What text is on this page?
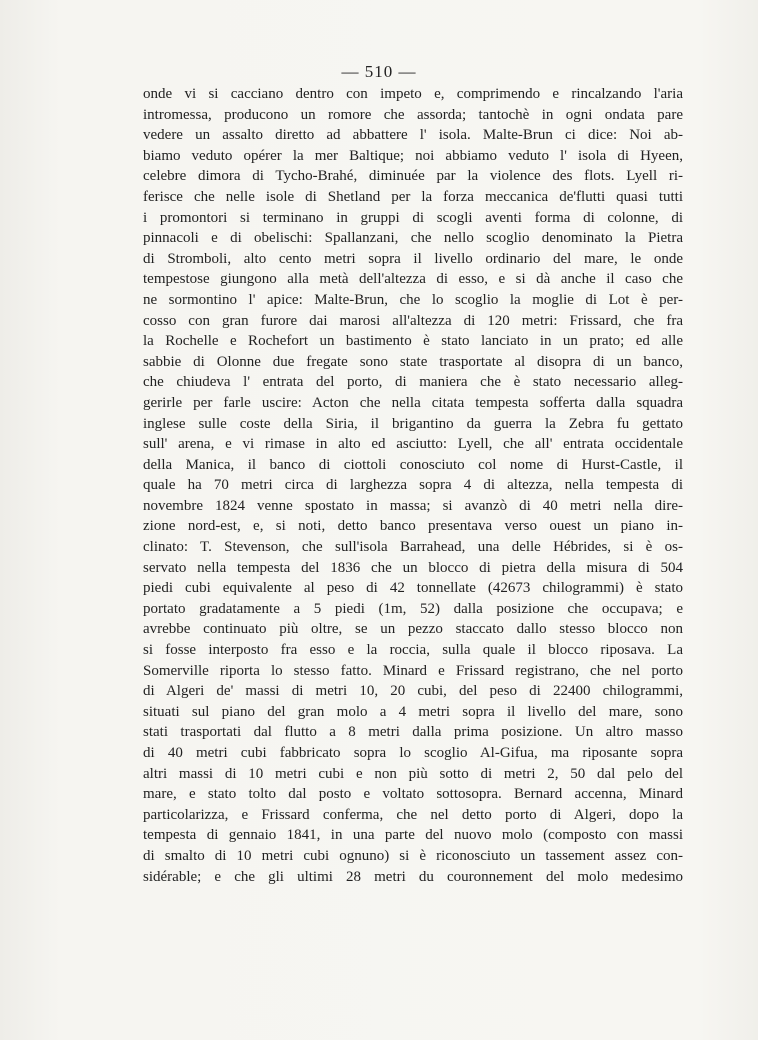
— 510 —
onde vi si cacciano dentro con impeto e, comprimendo e rincalzando l'aria
intromessa, producono un romore che assorda; tantochè in ogni ondata pare
vedere un assalto diretto ad abbattere l' isola. Malte-Brun ci dice: Noi ab-
biamo veduto opérer la mer Baltique; noi abbiamo veduto l' isola di Hyeen,
celebre dimora di Tycho-Brahé, diminuée par la violence des flots. Lyell ri-
ferisce che nelle isole di Shetland per la forza meccanica de'flutti quasi tutti
i promontori si terminano in gruppi di scogli aventi forma di colonne, di
pinnacoli e di obelischi: Spallanzani, che nello scoglio denominato la Pietra
di Stromboli, alto cento metri sopra il livello ordinario del mare, le onde
tempestose giungono alla metà dell'altezza di esso, e si dà anche il caso che
ne sormontino l' apice: Malte-Brun, che lo scoglio la moglie di Lot è per-
cosso con gran furore dai marosi all'altezza di 120 metri: Frissard, che fra
la Rochelle e Rochefort un bastimento è stato lanciato in un prato; ed alle
sabbie di Olonne due fregate sono state trasportate al disopra di un banco,
che chiudeva l' entrata del porto, di maniera che è stato necessario alleg-
gerirle per farle uscire: Acton che nella citata tempesta sofferta dalla squadra
inglese sulle coste della Siria, il brigantino da guerra la Zebra fu gettato
sull' arena, e vi rimase in alto ed asciutto: Lyell, che all' entrata occidentale
della Manica, il banco di ciottoli conosciuto col nome di Hurst-Castle, il
quale ha 70 metri circa di larghezza sopra 4 di altezza, nella tempesta di
novembre 1824 venne spostato in massa; si avanzò di 40 metri nella dire-
zione nord-est, e, si noti, detto banco presentava verso ouest un piano in-
clinato: T. Stevenson, che sull'isola Barrahead, una delle Hébrides, si è os-
servato nella tempesta del 1836 che un blocco di pietra della misura di 504
piedi cubi equivalente al peso di 42 tonnellate (42673 chilogrammi) è stato
portato gradatamente a 5 piedi (1m, 52) dalla posizione che occupava; e
avrebbe continuato più oltre, se un pezzo staccato dallo stesso blocco non
si fosse interposto fra esso e la roccia, sulla quale il blocco riposava. La
Somerville riporta lo stesso fatto. Minard e Frissard registrano, che nel porto
di Algeri de' massi di metri 10, 20 cubi, del peso di 22400 chilogrammi,
situati sul piano del gran molo a 4 metri sopra il livello del mare, sono
stati trasportati dal flutto a 8 metri dalla prima posizione. Un altro masso
di 40 metri cubi fabbricato sopra lo scoglio Al-Gifua, ma riposante sopra
altri massi di 10 metri cubi e non più sotto di metri 2, 50 dal pelo del
mare, e stato tolto dal posto e voltato sottosopra. Bernard accenna, Minard
particolarizza, e Frissard conferma, che nel detto porto di Algeri, dopo la
tempesta di gennaio 1841, in una parte del nuovo molo (composto con massi
di smalto di 10 metri cubi ognuno) si è riconosciuto un tassement assez con-
sidérable; e che gli ultimi 28 metri du couronnement del molo medesimo
